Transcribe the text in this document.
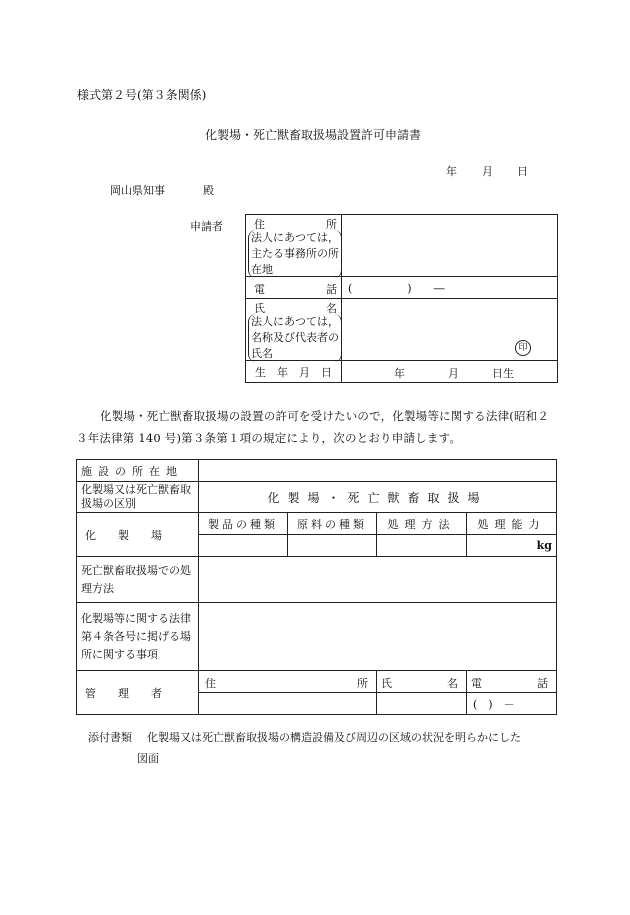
様式第２号(第３条関係)
化製場・死亡獣畜取扱場設置許可申請書
年 月 日
岡山県知事	殿
申請者	住 所
法人にあつては，主たる事務所の所在地	

電 話	(　　　　　)　　―

氏 名
法人にあつては，名称及び代表者の氏名	印

生　年　月　日	年 月 日生
化製場・死亡獣畜取扱場の設置の許可を受けたいので，化製場等に関する法律(昭和２３年法律第 140 号)第３条第１項の規定により，次のとおり申請します。
施設の所在地				
化製場又は死亡獣畜取扱場の区別	化製場・死亡獣畜取扱場			
化　　製　　場	製品の種類	原料の種類	処理方法	処理能力
				kg
死亡獣畜取扱場での処理方法				
化製場等に関する法律第４条各号に掲げる場所に関する事項				
管　　理　　者	住 所		氏 名	電 話

				(　)　－
添付書類 化製場又は死亡獣畜取扱場の構造設備及び周辺の区域の状況を明らかにした
図面
